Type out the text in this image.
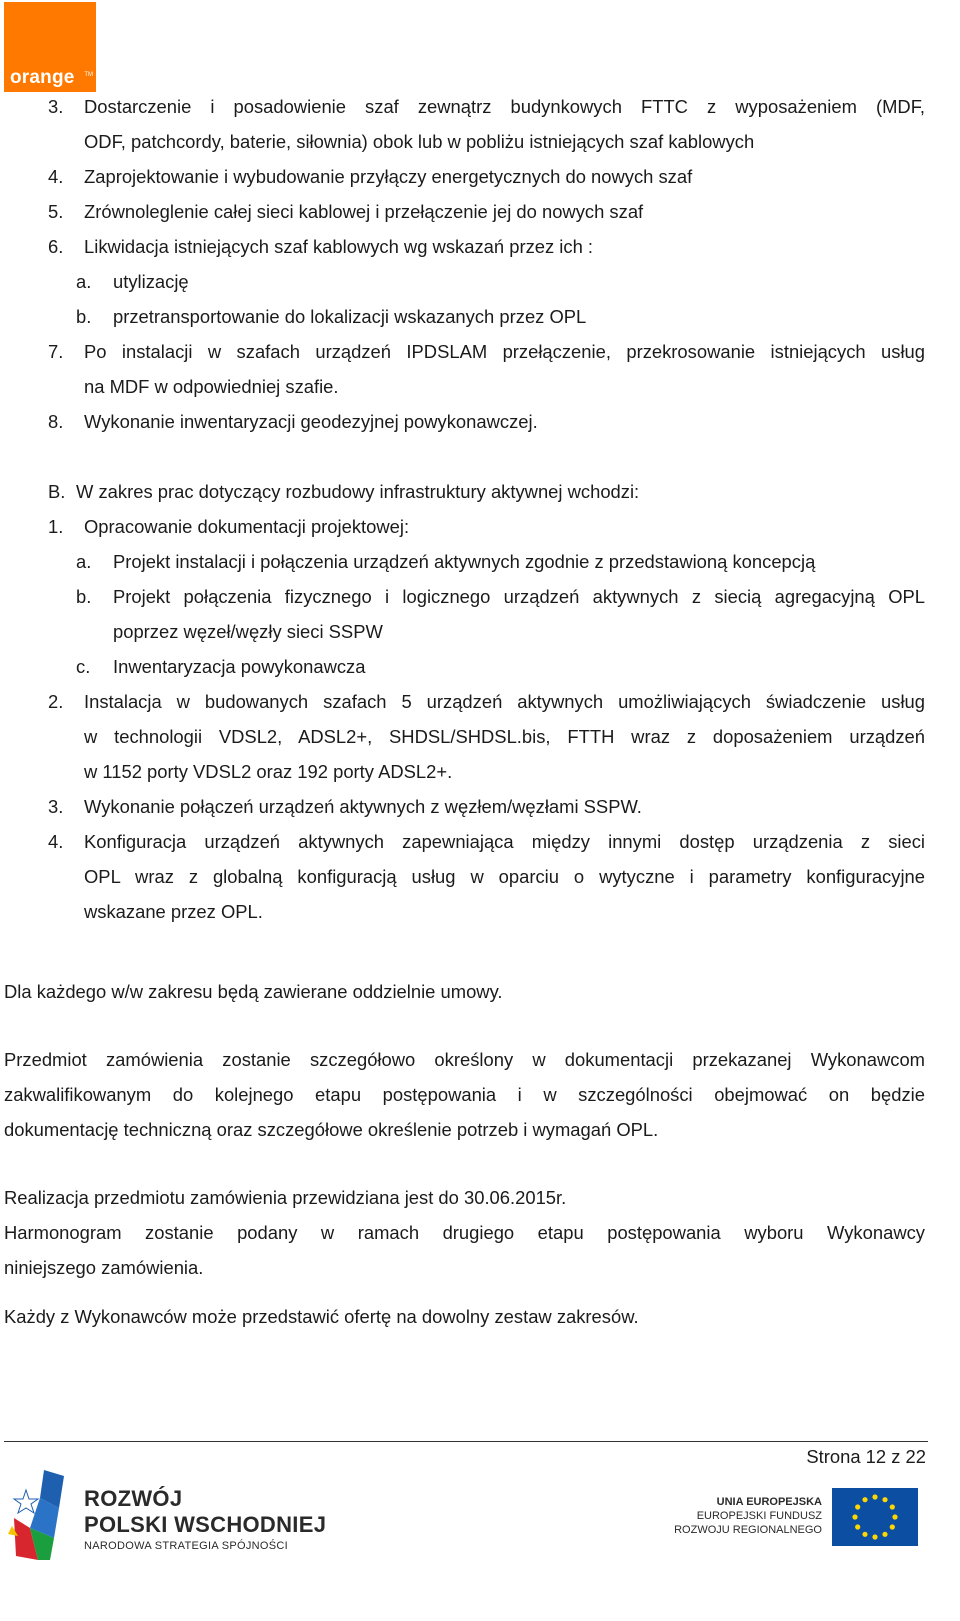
TM
orange
3. Dostarczenie i posadowienie szaf zewnątrz budynkowych FTTC z wyposażeniem (MDF,
ODF, patchcordy, baterie, siłownia) obok lub w pobliżu istniejących szaf kablowych
4. Zaprojektowanie i wybudowanie przyłączy energetycznych do nowych szaf
5. Zrównoleglenie całej sieci kablowej i przełączenie jej do nowych szaf
6. Likwidacja istniejących szaf kablowych wg wskazań przez ich :
a. utylizację
b. przetransportowanie do lokalizacji wskazanych przez OPL
7. Po instalacji w szafach urządzeń IPDSLAM przełączenie, przekrosowanie istniejących usług
na MDF w odpowiedniej szafie.
8. Wykonanie inwentaryzacji geodezyjnej powykonawczej.
B. W zakres prac dotyczący rozbudowy infrastruktury aktywnej wchodzi:
1. Opracowanie dokumentacji projektowej:
a. Projekt instalacji i połączenia urządzeń aktywnych zgodnie z przedstawioną koncepcją
b. Projekt połączenia fizycznego i logicznego urządzeń aktywnych z siecią agregacyjną OPL
poprzez węzeł/węzły sieci SSPW
c. Inwentaryzacja powykonawcza
2. Instalacja w budowanych szafach 5 urządzeń aktywnych umożliwiających świadczenie usług
w technologii VDSL2, ADSL2+, SHDSL/SHDSL.bis, FTTH wraz z doposażeniem urządzeń
w 1152 porty VDSL2 oraz 192 porty ADSL2+.
3. Wykonanie połączeń urządzeń aktywnych z węzłem/węzłami SSPW.
4. Konfiguracja urządzeń aktywnych zapewniająca między innymi dostęp urządzenia z sieci
OPL wraz z globalną konfiguracją usług w oparciu o wytyczne i parametry konfiguracyjne
wskazane przez OPL.
Dla każdego w/w zakresu będą zawierane oddzielnie umowy.
Przedmiot zamówienia zostanie szczegółowo określony w dokumentacji przekazanej Wykonawcom
zakwalifikowanym do kolejnego etapu postępowania i w szczególności obejmować on będzie
dokumentację techniczną oraz szczegółowe określenie potrzeb i wymagań OPL.
Realizacja przedmiotu zamówienia przewidziana jest do 30.06.2015r.
Harmonogram zostanie podany w ramach drugiego etapu postępowania wyboru Wykonawcy
niniejszego zamówienia.
Każdy z Wykonawców może przedstawić ofertę na dowolny zestaw zakresów.
Strona 12 z 22
ROZWÓJ
POLSKI WSCHODNIEJ
NARODOWA STRATEGIA SPÓJNOŚCI
UNIA EUROPEJSKA
EUROPEJSKI FUNDUSZ
ROZWOJU REGIONALNEGO
